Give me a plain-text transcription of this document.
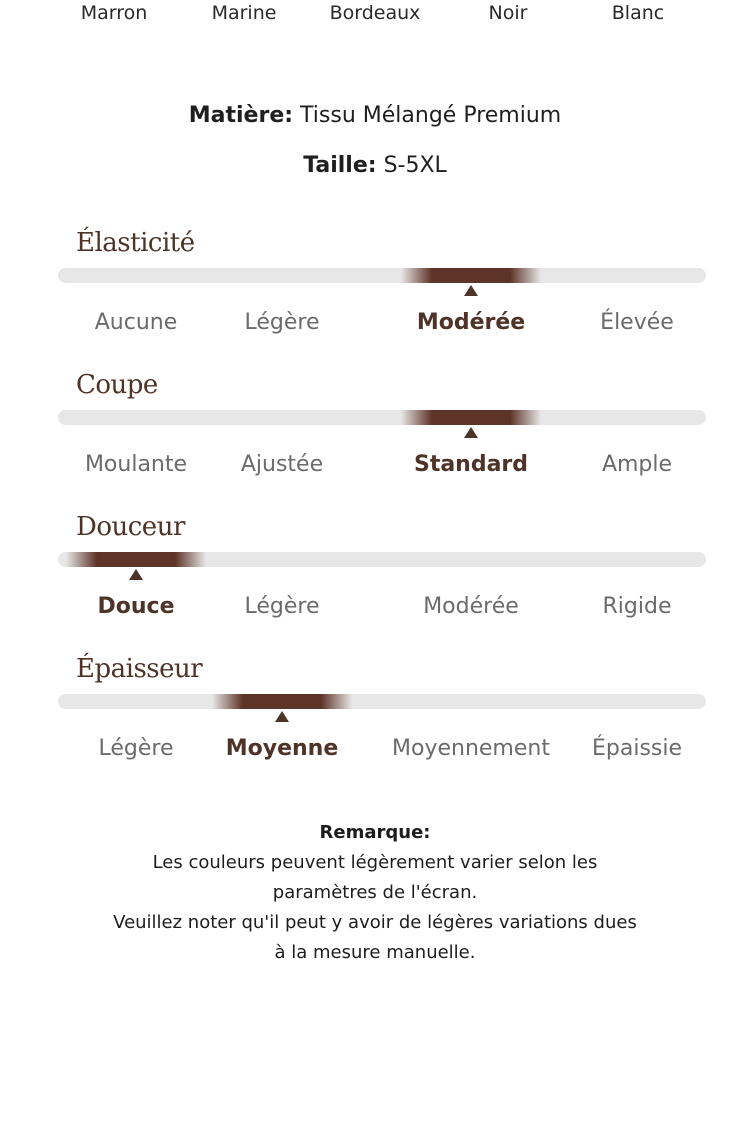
Marron	Marine	Bordeaux	Noir	Blanc
Matière: Tissu Mélangé Premium
Taille: S-5XL
Élasticité
Aucune	Légère	Modérée	Élevée
Coupe
Moulante	Ajustée	Standard	Ample
Douceur
Douce	Légère	Modérée	Rigide
Épaisseur
Légère	Moyenne	Moyennement	Épaissie
Remarque:
Les couleurs peuvent légèrement varier selon les
paramètres de l'écran.
Veuillez noter qu'il peut y avoir de légères variations dues
à la mesure manuelle.
